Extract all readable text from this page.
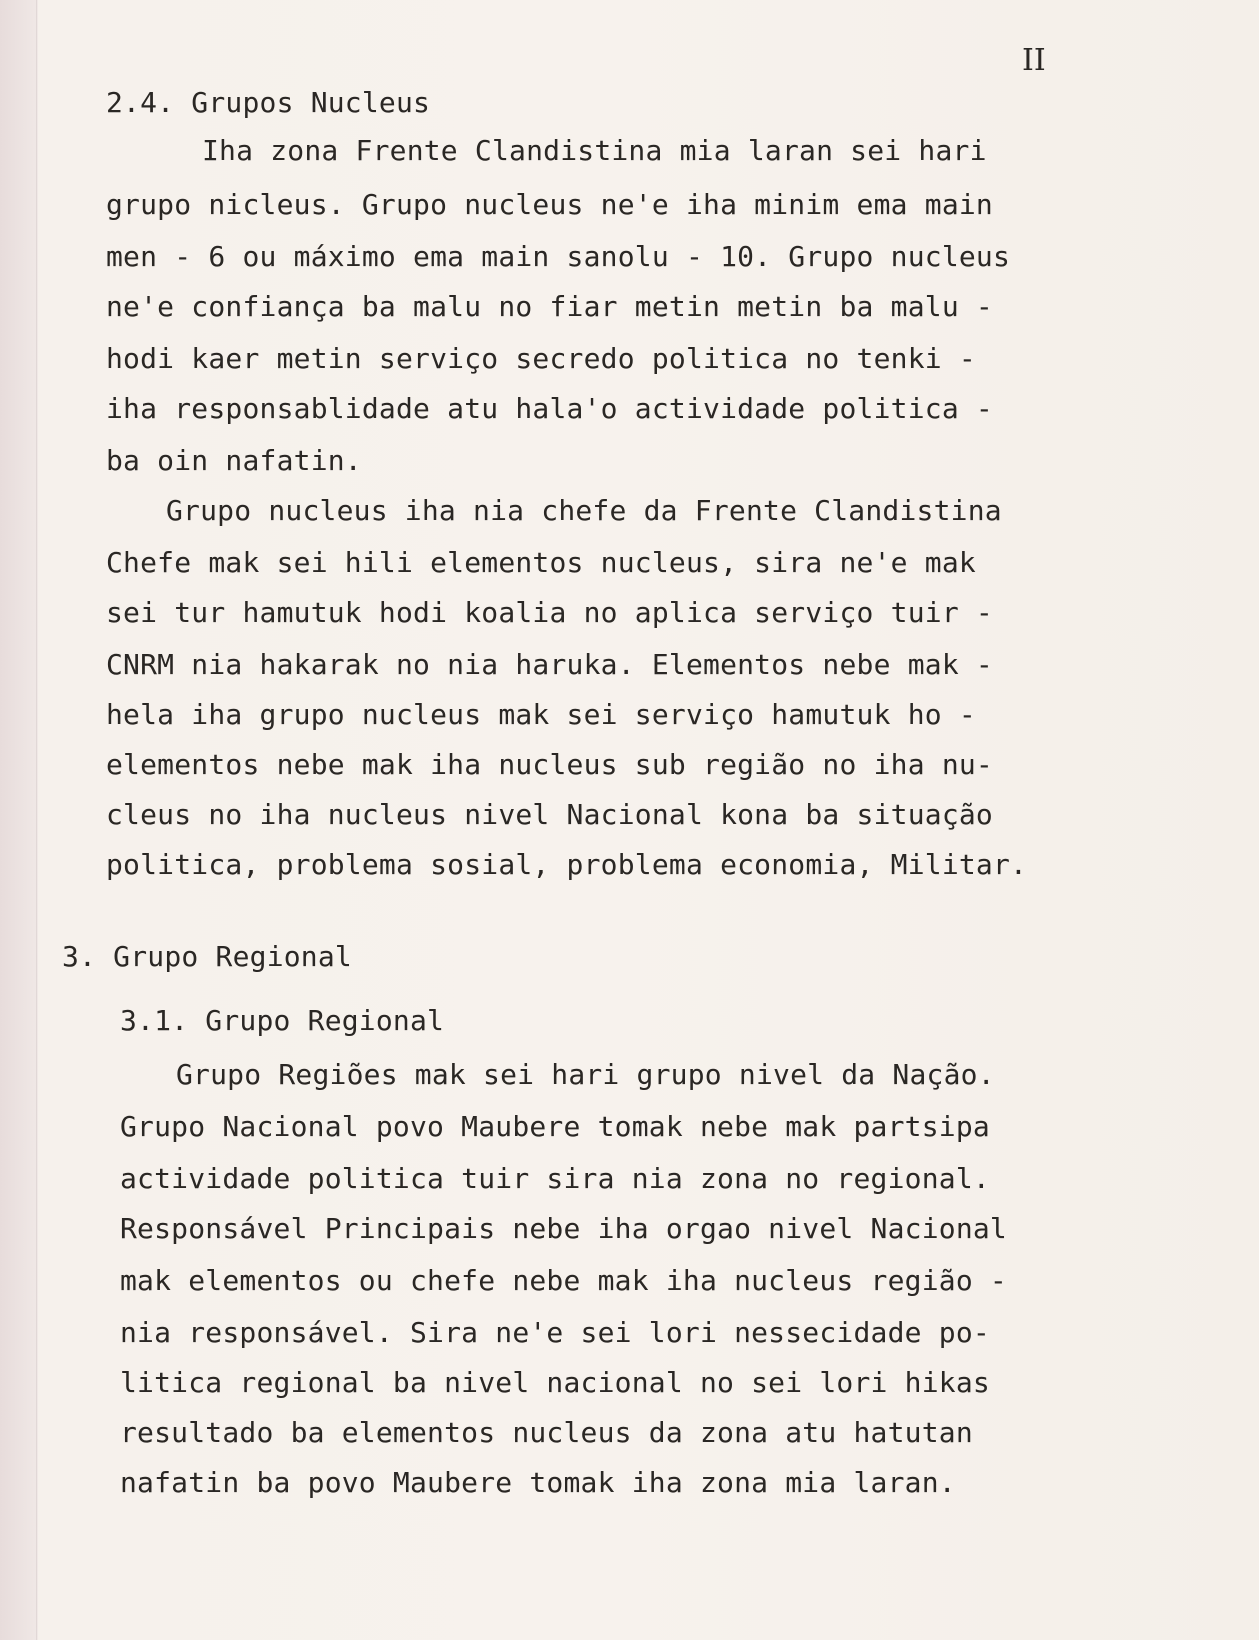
II
2.4. Grupos Nucleus
Iha zona Frente Clandistina mia laran sei hari
grupo nicleus. Grupo nucleus ne'e iha minim ema main
men - 6 ou máximo ema main sanolu - 10. Grupo nucleus
ne'e confiança ba malu no fiar metin metin ba malu -
hodi kaer metin serviço secredo politica no tenki -
iha responsablidade atu hala'o actividade politica -
ba oin nafatin.
Grupo nucleus iha nia chefe da Frente Clandistina
Chefe mak sei hili elementos nucleus, sira ne'e mak
sei tur hamutuk hodi koalia no aplica serviço tuir -
CNRM nia hakarak no nia haruka. Elementos nebe mak -
hela iha grupo nucleus mak sei serviço hamutuk ho -
elementos nebe mak iha nucleus sub região no iha nu-
cleus no iha nucleus nivel Nacional kona ba situação
politica, problema sosial, problema economia, Militar.
3. Grupo Regional
3.1. Grupo Regional
Grupo Regiões mak sei hari grupo nivel da Nação.
Grupo Nacional povo Maubere tomak nebe mak partsipa
actividade politica tuir sira nia zona no regional.
Responsável Principais nebe iha orgao nivel Nacional
mak elementos ou chefe nebe mak iha nucleus região -
nia responsável. Sira ne'e sei lori nessecidade po-
litica regional ba nivel nacional no sei lori hikas
resultado ba elementos nucleus da zona atu hatutan
nafatin ba povo Maubere tomak iha zona mia laran.
